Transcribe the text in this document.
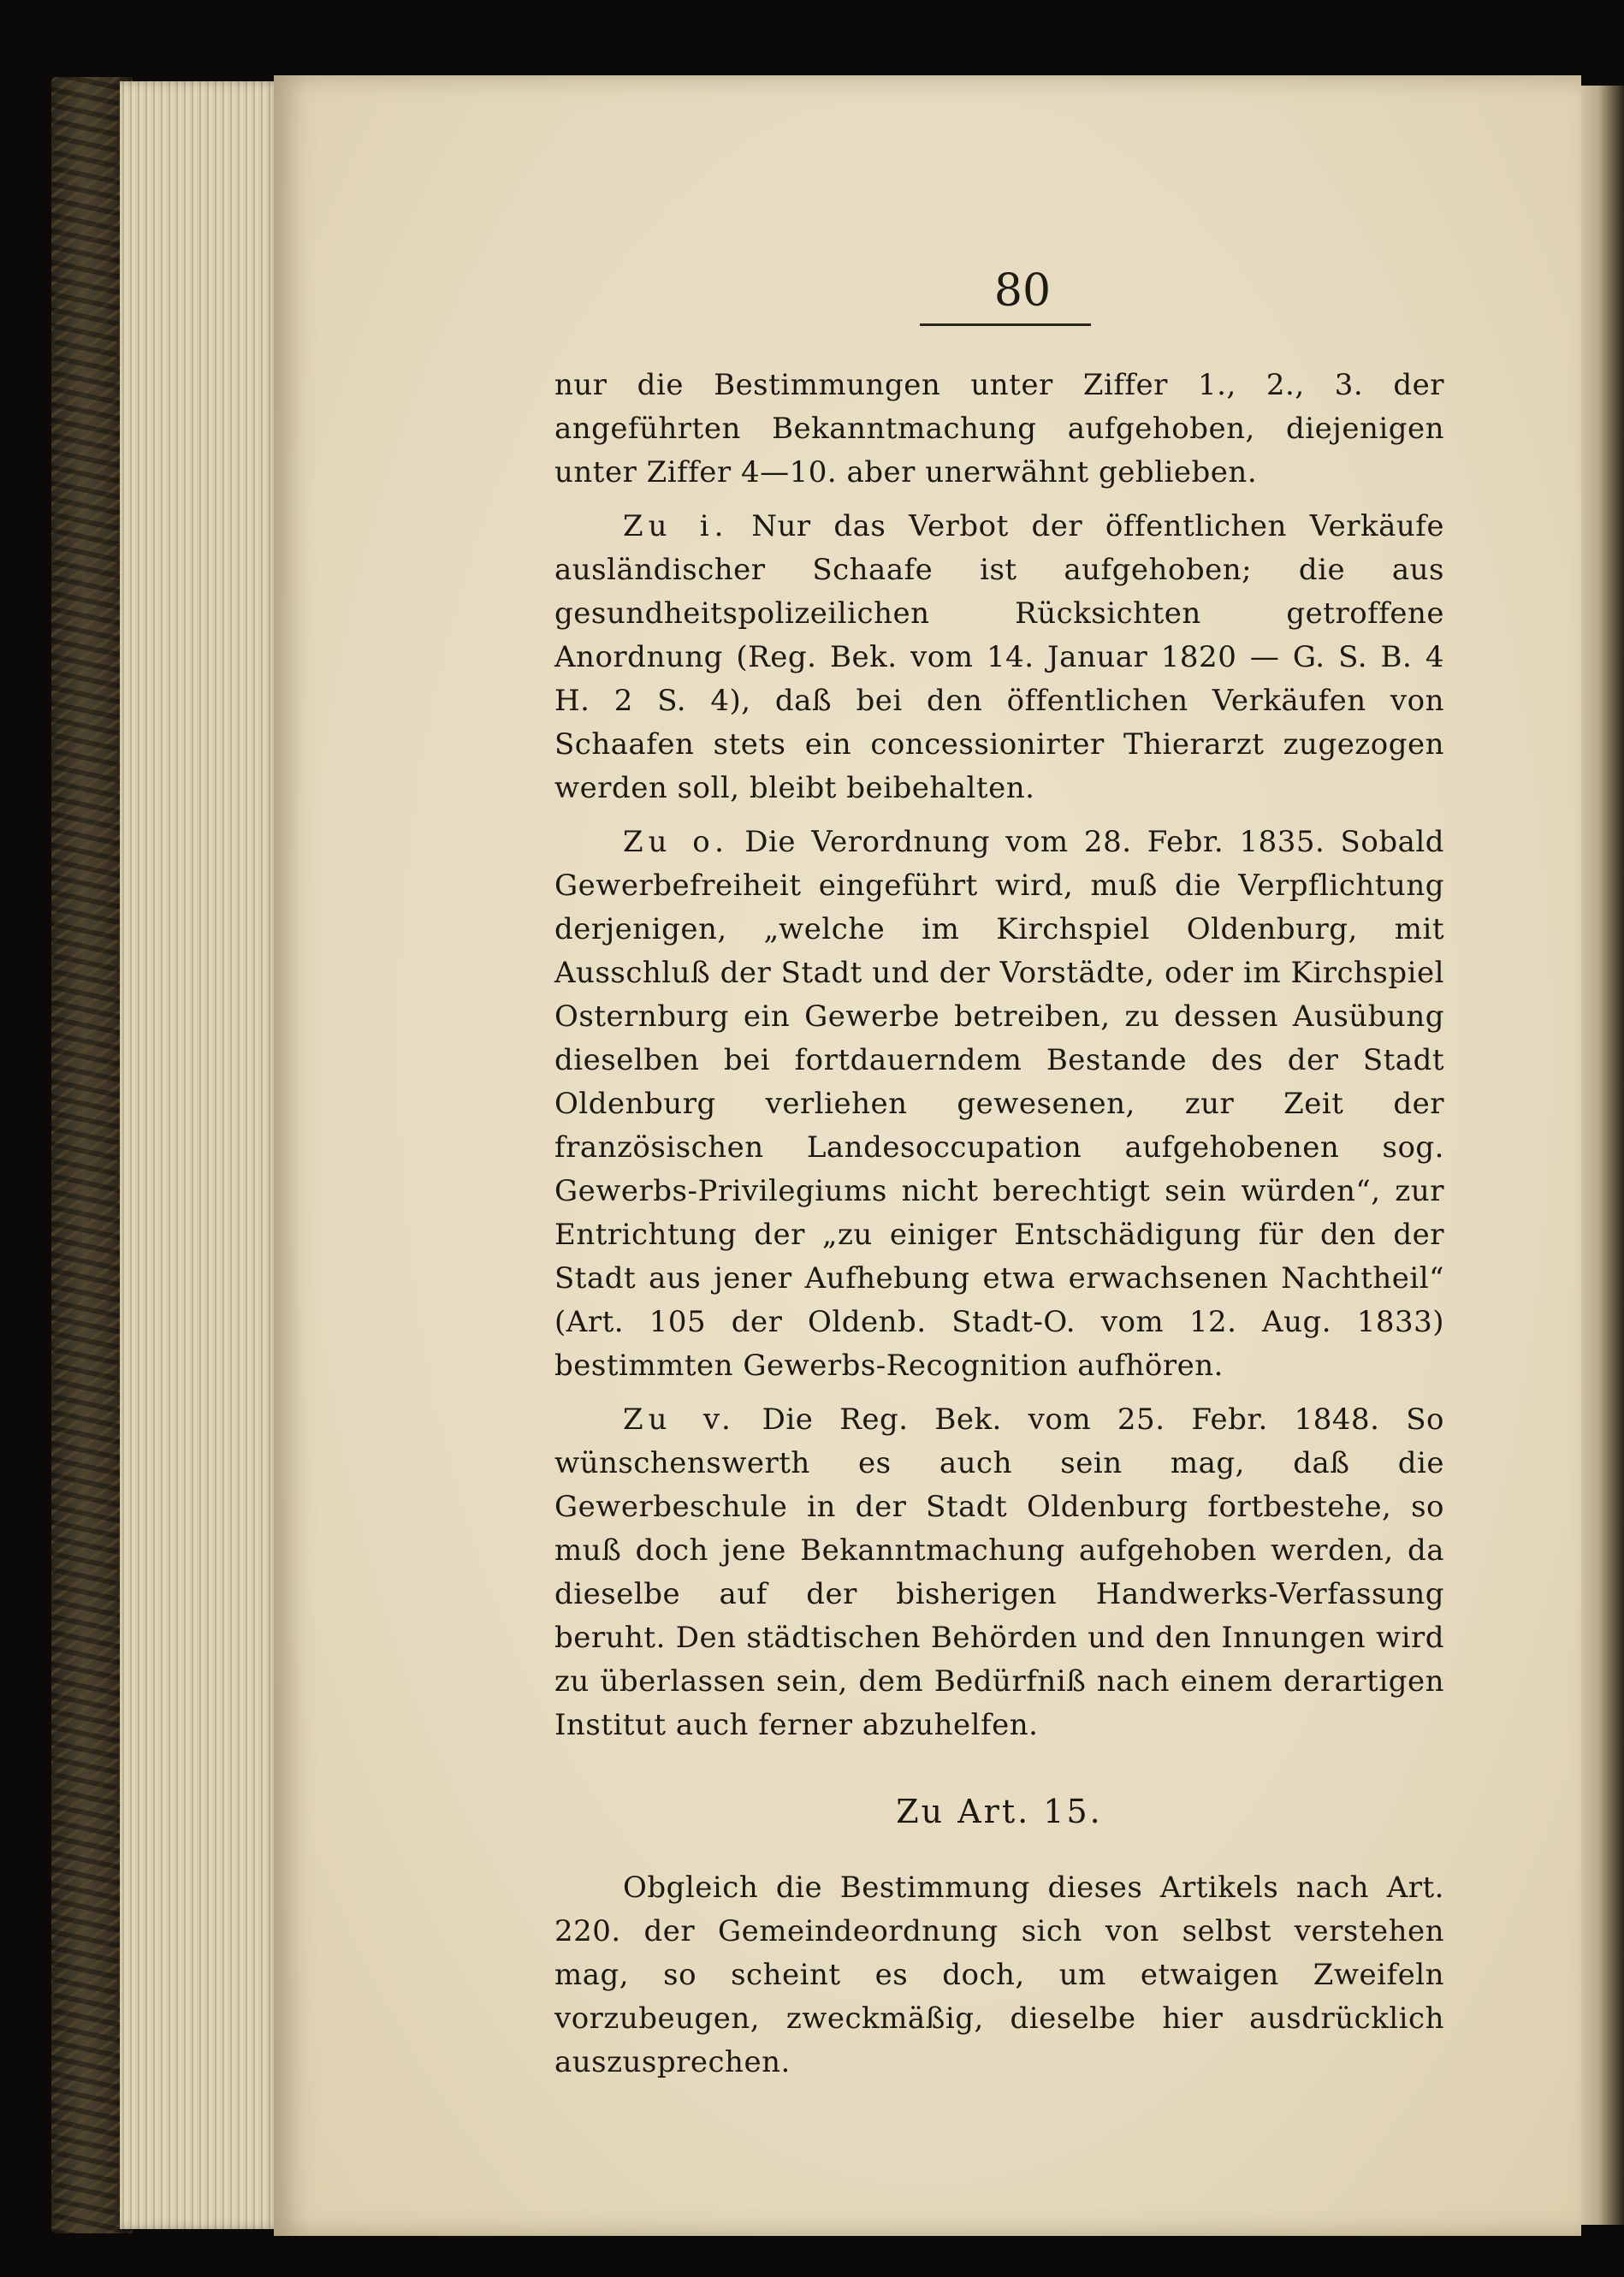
80

nur die Bestimmungen unter Ziffer 1., 2., 3. der angeführten Bekanntmachung aufgehoben, diejenigen unter Ziffer 4—10. aber unerwähnt geblieben.

Zu i. Nur das Verbot der öffentlichen Verkäufe ausländischer Schaafe ist aufgehoben; die aus gesundheitspolizeilichen Rücksichten getroffene Anordnung (Reg. Bek. vom 14. Januar 1820 — G. S. B. 4 H. 2 S. 4), daß bei den öffentlichen Verkäufen von Schaafen stets ein concessionirter Thierarzt zugezogen werden soll, bleibt beibehalten.

Zu o. Die Verordnung vom 28. Febr. 1835. Sobald Gewerbefreiheit eingeführt wird, muß die Verpflichtung derjenigen, „welche im Kirchspiel Oldenburg, mit Ausschluß der Stadt und der Vorstädte, oder im Kirchspiel Osternburg ein Gewerbe betreiben, zu dessen Ausübung dieselben bei fortdauerndem Bestande des der Stadt Oldenburg verliehen gewesenen, zur Zeit der französischen Landesoccupation aufgehobenen sog. Gewerbs-Privilegiums nicht berechtigt sein würden“, zur Entrichtung der „zu einiger Entschädigung für den der Stadt aus jener Aufhebung etwa erwachsenen Nachtheil“ (Art. 105 der Oldenb. Stadt-O. vom 12. Aug. 1833) bestimmten Gewerbs-Recognition aufhören.

Zu v. Die Reg. Bek. vom 25. Febr. 1848. So wünschenswerth es auch sein mag, daß die Gewerbeschule in der Stadt Oldenburg fortbestehe, so muß doch jene Bekanntmachung aufgehoben werden, da dieselbe auf der bisherigen Handwerks-Verfassung beruht. Den städtischen Behörden und den Innungen wird zu überlassen sein, dem Bedürfniß nach einem derartigen Institut auch ferner abzuhelfen.

Zu Art. 15.

Obgleich die Bestimmung dieses Artikels nach Art. 220. der Gemeindeordnung sich von selbst verstehen mag, so scheint es doch, um etwaigen Zweifeln vorzubeugen, zweckmäßig, dieselbe hier ausdrücklich auszusprechen.
